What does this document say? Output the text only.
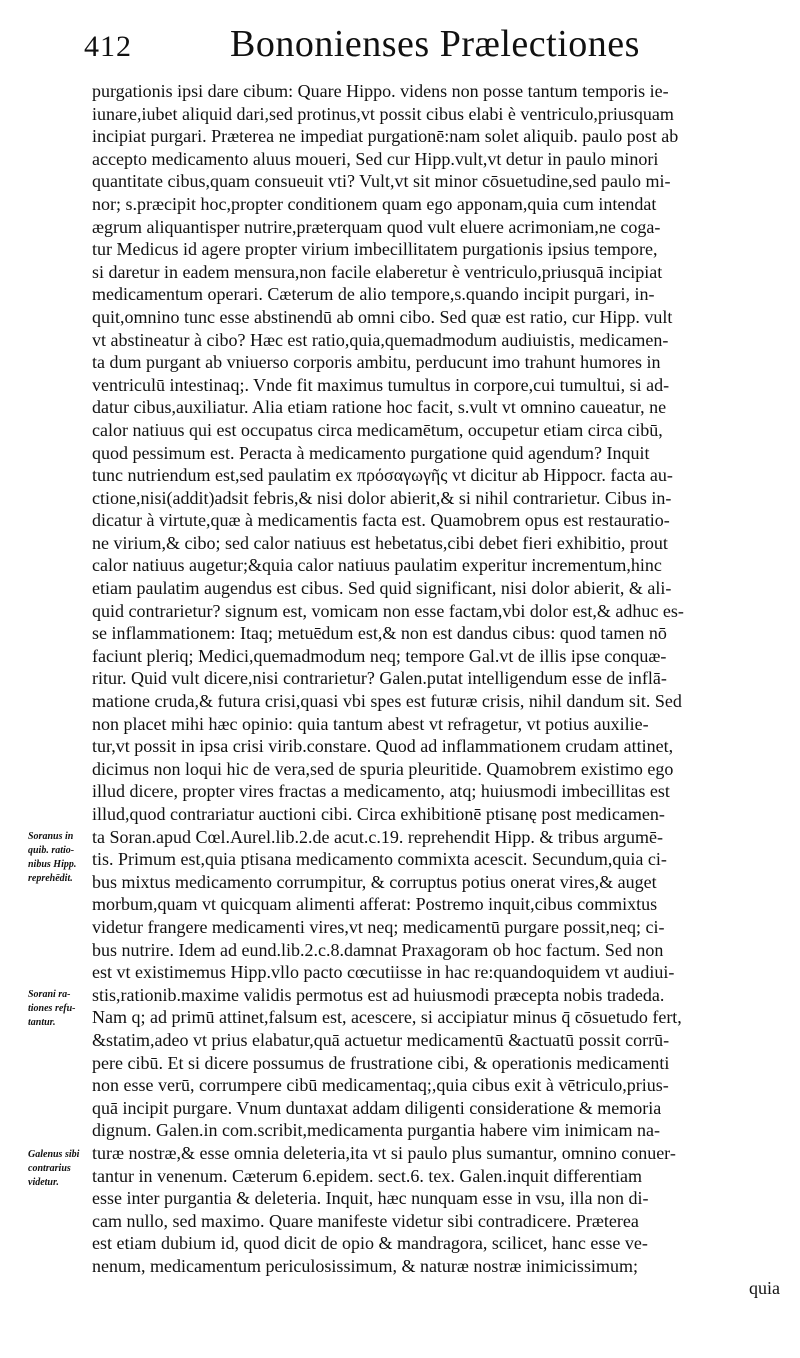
412	Bononienses Prælectiones
purgationis ipsi dare cibum: Quare Hippo. videns non posse tantum temporis ie-
iunare,iubet aliquid dari,sed protinus,vt possit cibus elabi è ventriculo,priusquam
incipiat purgari. Præterea ne impediat purgationē:nam solet aliquib. paulo post ab
accepto medicamento aluus moueri, Sed cur Hipp.vult,vt detur in paulo minori
quantitate cibus,quam consueuit vti? Vult,vt sit minor cōsuetudine,sed paulo mi-
nor; s.præcipit hoc,propter conditionem quam ego apponam,quia cum intendat
ægrum aliquantisper nutrire,præterquam quod vult eluere acrimoniam,ne coga-
tur Medicus id agere propter virium imbecillitatem purgationis ipsius tempore,
si daretur in eadem mensura,non facile elaberetur è ventriculo,priusquā incipiat
medicamentum operari. Cæterum de alio tempore,s.quando incipit purgari, in-
quit,omnino tunc esse abstinendū ab omni cibo. Sed quæ est ratio, cur Hipp. vult
vt abstineatur à cibo? Hæc est ratio,quia,quemadmodum audiuistis, medicamen-
ta dum purgant ab vniuerso corporis ambitu, perducunt imo trahunt humores in
ventriculū intestinaq;. Vnde fit maximus tumultus in corpore,cui tumultui, si ad-
datur cibus,auxiliatur. Alia etiam ratione hoc facit, s.vult vt omnino caueatur, ne
calor natiuus qui est occupatus circa medicamētum, occupetur etiam circa cibū,
quod pessimum est. Peracta à medicamento purgatione quid agendum? Inquit
tunc nutriendum est,sed paulatim ex πρόσαγωγῆς vt dicitur ab Hippocr. facta au-
ctione,nisi(addit)adsit febris,& nisi dolor abierit,& si nihil contrarietur. Cibus in-
dicatur à virtute,quæ à medicamentis facta est. Quamobrem opus est restauratio-
ne virium,& cibo; sed calor natiuus est hebetatus,cibi debet fieri exhibitio, prout
calor natiuus augetur;&quia calor natiuus paulatim experitur incrementum,hinc
etiam paulatim augendus est cibus. Sed quid significant, nisi dolor abierit, & ali-
quid contrarietur? signum est, vomicam non esse factam,vbi dolor est,& adhuc es-
se inflammationem: Itaq; metuēdum est,& non est dandus cibus: quod tamen nō
faciunt pleriq; Medici,quemadmodum neq; tempore Gal.vt de illis ipse conquæ-
ritur. Quid vult dicere,nisi contrarietur? Galen.putat intelligendum esse de inflā-
matione cruda,& futura crisi,quasi vbi spes est futuræ crisis, nihil dandum sit. Sed
non placet mihi hæc opinio: quia tantum abest vt refragetur, vt potius auxilie-
tur,vt possit in ipsa crisi virib.constare. Quod ad inflammationem crudam attinet,
dicimus non loqui hic de vera,sed de spuria pleuritide. Quamobrem existimo ego
illud dicere, propter vires fractas a medicamento, atq; huiusmodi imbecillitas est
illud,quod contrariatur auctioni cibi. Circa exhibitionē ptisanę post medicamen-
ta Soran.apud Cœl.Aurel.lib.2.de acut.c.19. reprehendit Hipp. & tribus argumē-
tis. Primum est,quia ptisana medicamento commixta acescit. Secundum,quia ci-
bus mixtus medicamento corrumpitur, & corruptus potius onerat vires,& auget
morbum,quam vt quicquam alimenti afferat: Postremo inquit,cibus commixtus
videtur frangere medicamenti vires,vt neq; medicamentū purgare possit,neq; ci-
bus nutrire. Idem ad eund.lib.2.c.8.damnat Praxagoram ob hoc factum. Sed non
est vt existimemus Hipp.vllo pacto cœcutiisse in hac re:quandoquidem vt audiui-
stis,rationib.maxime validis permotus est ad huiusmodi præcepta nobis tradeda.
Nam q; ad primū attinet,falsum est, acescere, si accipiatur minus q̄ cōsuetudo fert,
&statim,adeo vt prius elabatur,quā actuetur medicamentū &actuatū possit corrū-
pere cibū. Et si dicere possumus de frustratione cibi, & operationis medicamenti
non esse verū, corrumpere cibū medicamentaq;,quia cibus exit à vētriculo,prius-
quā incipit purgare. Vnum duntaxat addam diligenti consideratione & memoria
dignum. Galen.in com.scribit,medicamenta purgantia habere vim inimicam na-
turæ nostræ,& esse omnia deleteria,ita vt si paulo plus sumantur, omnino conuer-
tantur in venenum. Cæterum 6.epidem. sect.6. tex. Galen.inquit differentiam
esse inter purgantia & deleteria. Inquit, hæc nunquam esse in vsu, illa non di-
cam nullo, sed maximo. Quare manifeste videtur sibi contradicere. Præterea
est etiam dubium id, quod dicit de opio & mandragora, scilicet, hanc esse ve-
nenum, medicamentum periculosissimum, & naturæ nostræ inimicissimum;
quia
Soranus in
quib. ratio-
nibus Hipp.
reprehēdit.
Sorani ra-
tiones refu-
tantur.
Galenus sibi
contrarius
videtur.
